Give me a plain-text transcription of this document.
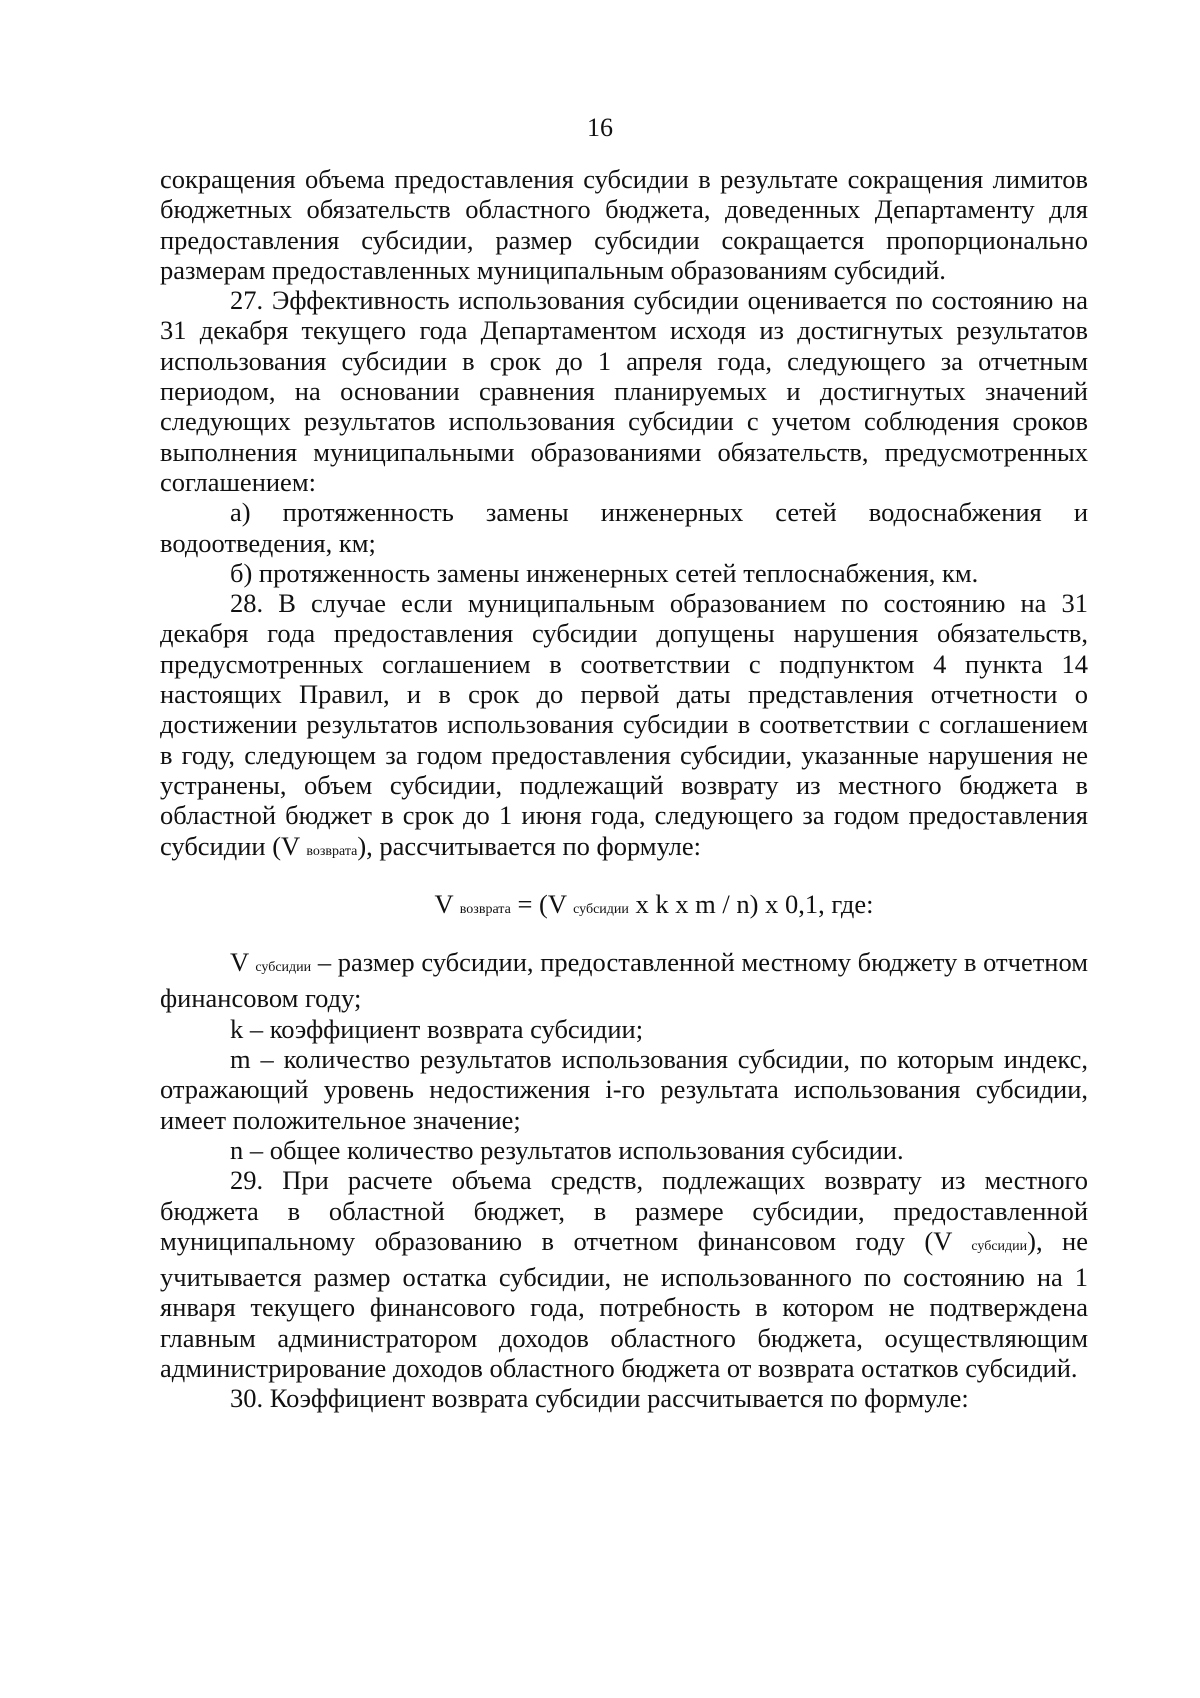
16

сокращения объема предоставления субсидии в результате сокращения лимитов бюджетных обязательств областного бюджета, доведенных Департаменту для предоставления субсидии, размер субсидии сокращается пропорционально размерам предоставленных муниципальным образованиям субсидий.

27. Эффективность использования субсидии оценивается по состоянию на 31 декабря текущего года Департаментом исходя из достигнутых результатов использования субсидии в срок до 1 апреля года, следующего за отчетным периодом, на основании сравнения планируемых и достигнутых значений следующих результатов использования субсидии с учетом соблюдения сроков выполнения муниципальными образованиями обязательств, предусмотренных соглашением:

а) протяженность замены инженерных сетей водоснабжения и водоотведения, км;

б) протяженность замены инженерных сетей теплоснабжения, км.

28. В случае если муниципальным образованием по состоянию на 31 декабря года предоставления субсидии допущены нарушения обязательств, предусмотренных соглашением в соответствии с подпунктом 4 пункта 14 настоящих Правил, и в срок до первой даты представления отчетности о достижении результатов использования субсидии в соответствии с соглашением в году, следующем за годом предоставления субсидии, указанные нарушения не устранены, объем субсидии, подлежащий возврату из местного бюджета в областной бюджет в срок до 1 июня года, следующего за годом предоставления субсидии (V возврата), рассчитывается по формуле:

V возврата = (V субсидии x k x m / n) x 0,1, где:

V субсидии – размер субсидии, предоставленной местному бюджету в отчетном финансовом году;

k – коэффициент возврата субсидии;

m – количество результатов использования субсидии, по которым индекс, отражающий уровень недостижения i-го результата использования субсидии, имеет положительное значение;

n – общее количество результатов использования субсидии.

29. При расчете объема средств, подлежащих возврату из местного бюджета в областной бюджет, в размере субсидии, предоставленной муниципальному образованию в отчетном финансовом году (V субсидии), не учитывается размер остатка субсидии, не использованного по состоянию на 1 января текущего финансового года, потребность в котором не подтверждена главным администратором доходов областного бюджета, осуществляющим администрирование доходов областного бюджета от возврата остатков субсидий.

30. Коэффициент возврата субсидии рассчитывается по формуле:
